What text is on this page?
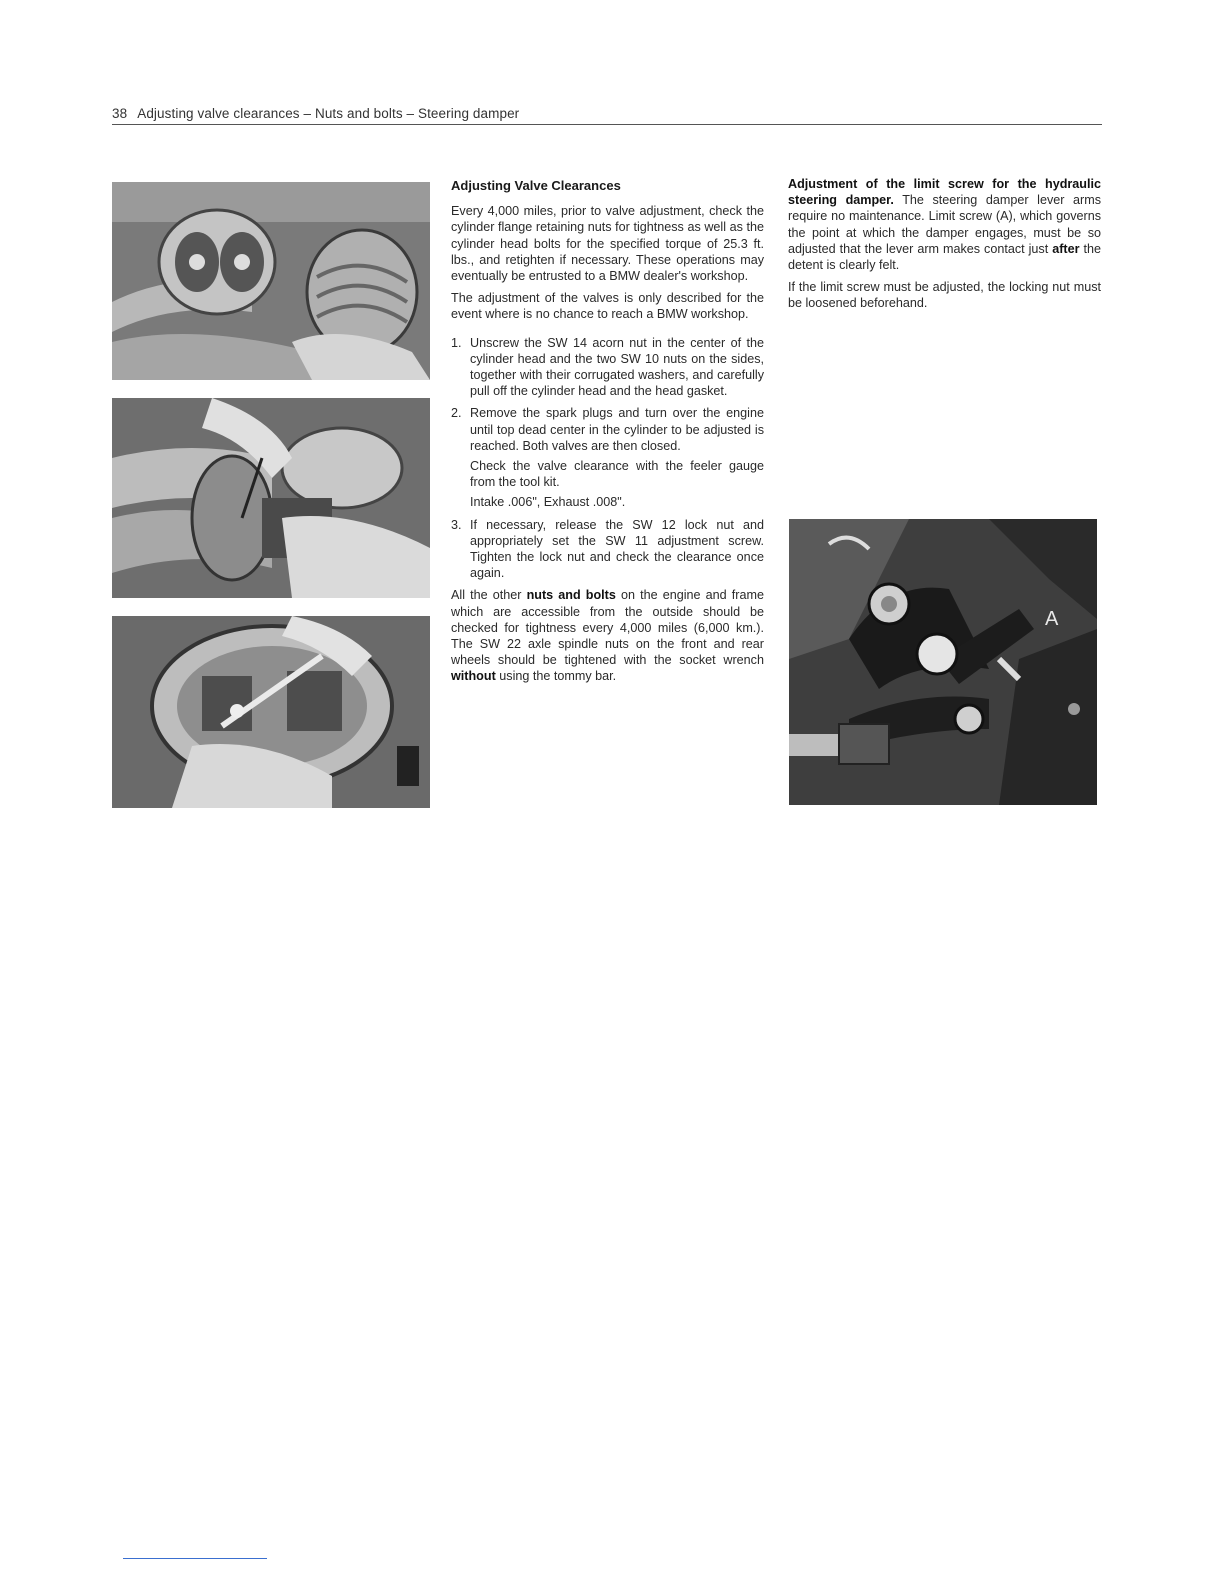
38 Adjusting valve clearances – Nuts and bolts – Steering damper
Adjusting Valve Clearances

Every 4,000 miles, prior to valve adjustment, check the cylinder flange retaining nuts for tightness as well as the cylinder head bolts for the specified torque of 25.3 ft. lbs., and retighten if necessary. These operations may eventually be entrusted to a BMW dealer's workshop.

The adjustment of the valves is only described for the event where is no chance to reach a BMW workshop.

1. Unscrew the SW 14 acorn nut in the center of the cylinder head and the two SW 10 nuts on the sides, together with their corrugated washers, and carefully pull off the cylinder head and the head gasket.

2. Remove the spark plugs and turn over the engine until top dead center in the cylinder to be adjusted is reached. Both valves are then closed.

Check the valve clearance with the feeler gauge from the tool kit.

Intake .006", Exhaust .008".

3. If necessary, release the SW 12 lock nut and appropriately set the SW 11 adjustment screw. Tighten the lock nut and check the clearance once again.

All the other nuts and bolts on the engine and frame which are accessible from the outside should be checked for tightness every 4,000 miles (6,000 km.). The SW 22 axle spindle nuts on the front and rear wheels should be tightened with the socket wrench without using the tommy bar.

Adjustment of the limit screw for the hydraulic steering damper. The steering damper lever arms require no maintenance. Limit screw (A), which governs the point at which the damper engages, must be so adjusted that the lever arm makes contact just after the detent is clearly felt.

If the limit screw must be adjusted, the locking nut must be loosened beforehand.

A
